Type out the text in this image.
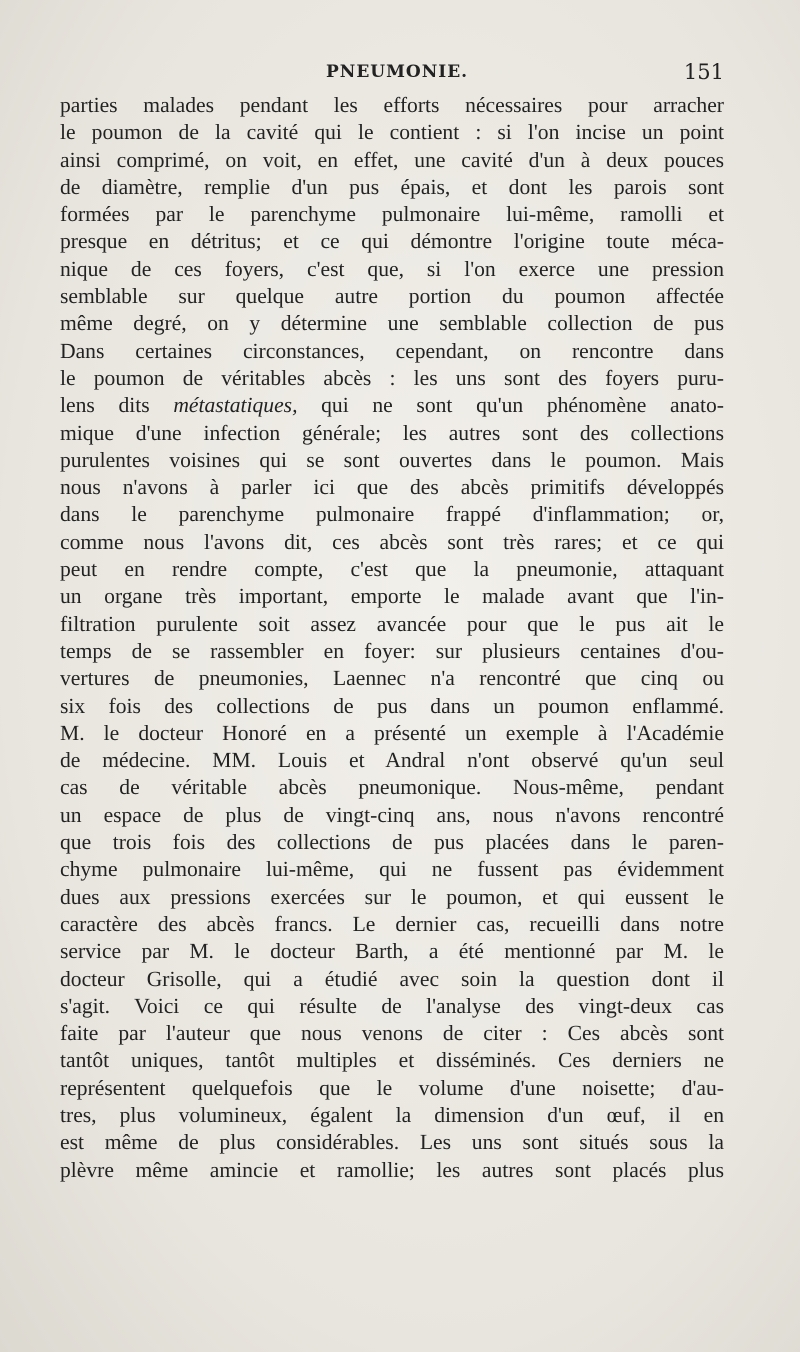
PNEUMONIE.	151
parties malades pendant les efforts nécessaires pour arracher
le poumon de la cavité qui le contient : si l'on incise un point
ainsi comprimé, on voit, en effet, une cavité d'un à deux pouces
de diamètre, remplie d'un pus épais, et dont les parois sont
formées par le parenchyme pulmonaire lui-même, ramolli et
presque en détritus; et ce qui démontre l'origine toute méca-
nique de ces foyers, c'est que, si l'on exerce une pression
semblable sur quelque autre portion du poumon affectée
même degré, on y détermine une semblable collection de pus
Dans certaines circonstances, cependant, on rencontre dans
le poumon de véritables abcès : les uns sont des foyers puru-
lens dits métastatiques, qui ne sont qu'un phénomène anato-
mique d'une infection générale; les autres sont des collections
purulentes voisines qui se sont ouvertes dans le poumon. Mais
nous n'avons à parler ici que des abcès primitifs développés
dans le parenchyme pulmonaire frappé d'inflammation; or,
comme nous l'avons dit, ces abcès sont très rares; et ce qui
peut en rendre compte, c'est que la pneumonie, attaquant
un organe très important, emporte le malade avant que l'in-
filtration purulente soit assez avancée pour que le pus ait le
temps de se rassembler en foyer: sur plusieurs centaines d'ou-
vertures de pneumonies, Laennec n'a rencontré que cinq ou
six fois des collections de pus dans un poumon enflammé.
M. le docteur Honoré en a présenté un exemple à l'Académie
de médecine. MM. Louis et Andral n'ont observé qu'un seul
cas de véritable abcès pneumonique. Nous-même, pendant
un espace de plus de vingt-cinq ans, nous n'avons rencontré
que trois fois des collections de pus placées dans le paren-
chyme pulmonaire lui-même, qui ne fussent pas évidemment
dues aux pressions exercées sur le poumon, et qui eussent le
caractère des abcès francs. Le dernier cas, recueilli dans notre
service par M. le docteur Barth, a été mentionné par M. le
docteur Grisolle, qui a étudié avec soin la question dont il
s'agit. Voici ce qui résulte de l'analyse des vingt-deux cas
faite par l'auteur que nous venons de citer : Ces abcès sont
tantôt uniques, tantôt multiples et disséminés. Ces derniers ne
représentent quelquefois que le volume d'une noisette; d'au-
tres, plus volumineux, égalent la dimension d'un œuf, il en
est même de plus considérables. Les uns sont situés sous la
plèvre même amincie et ramollie; les autres sont placés plus
